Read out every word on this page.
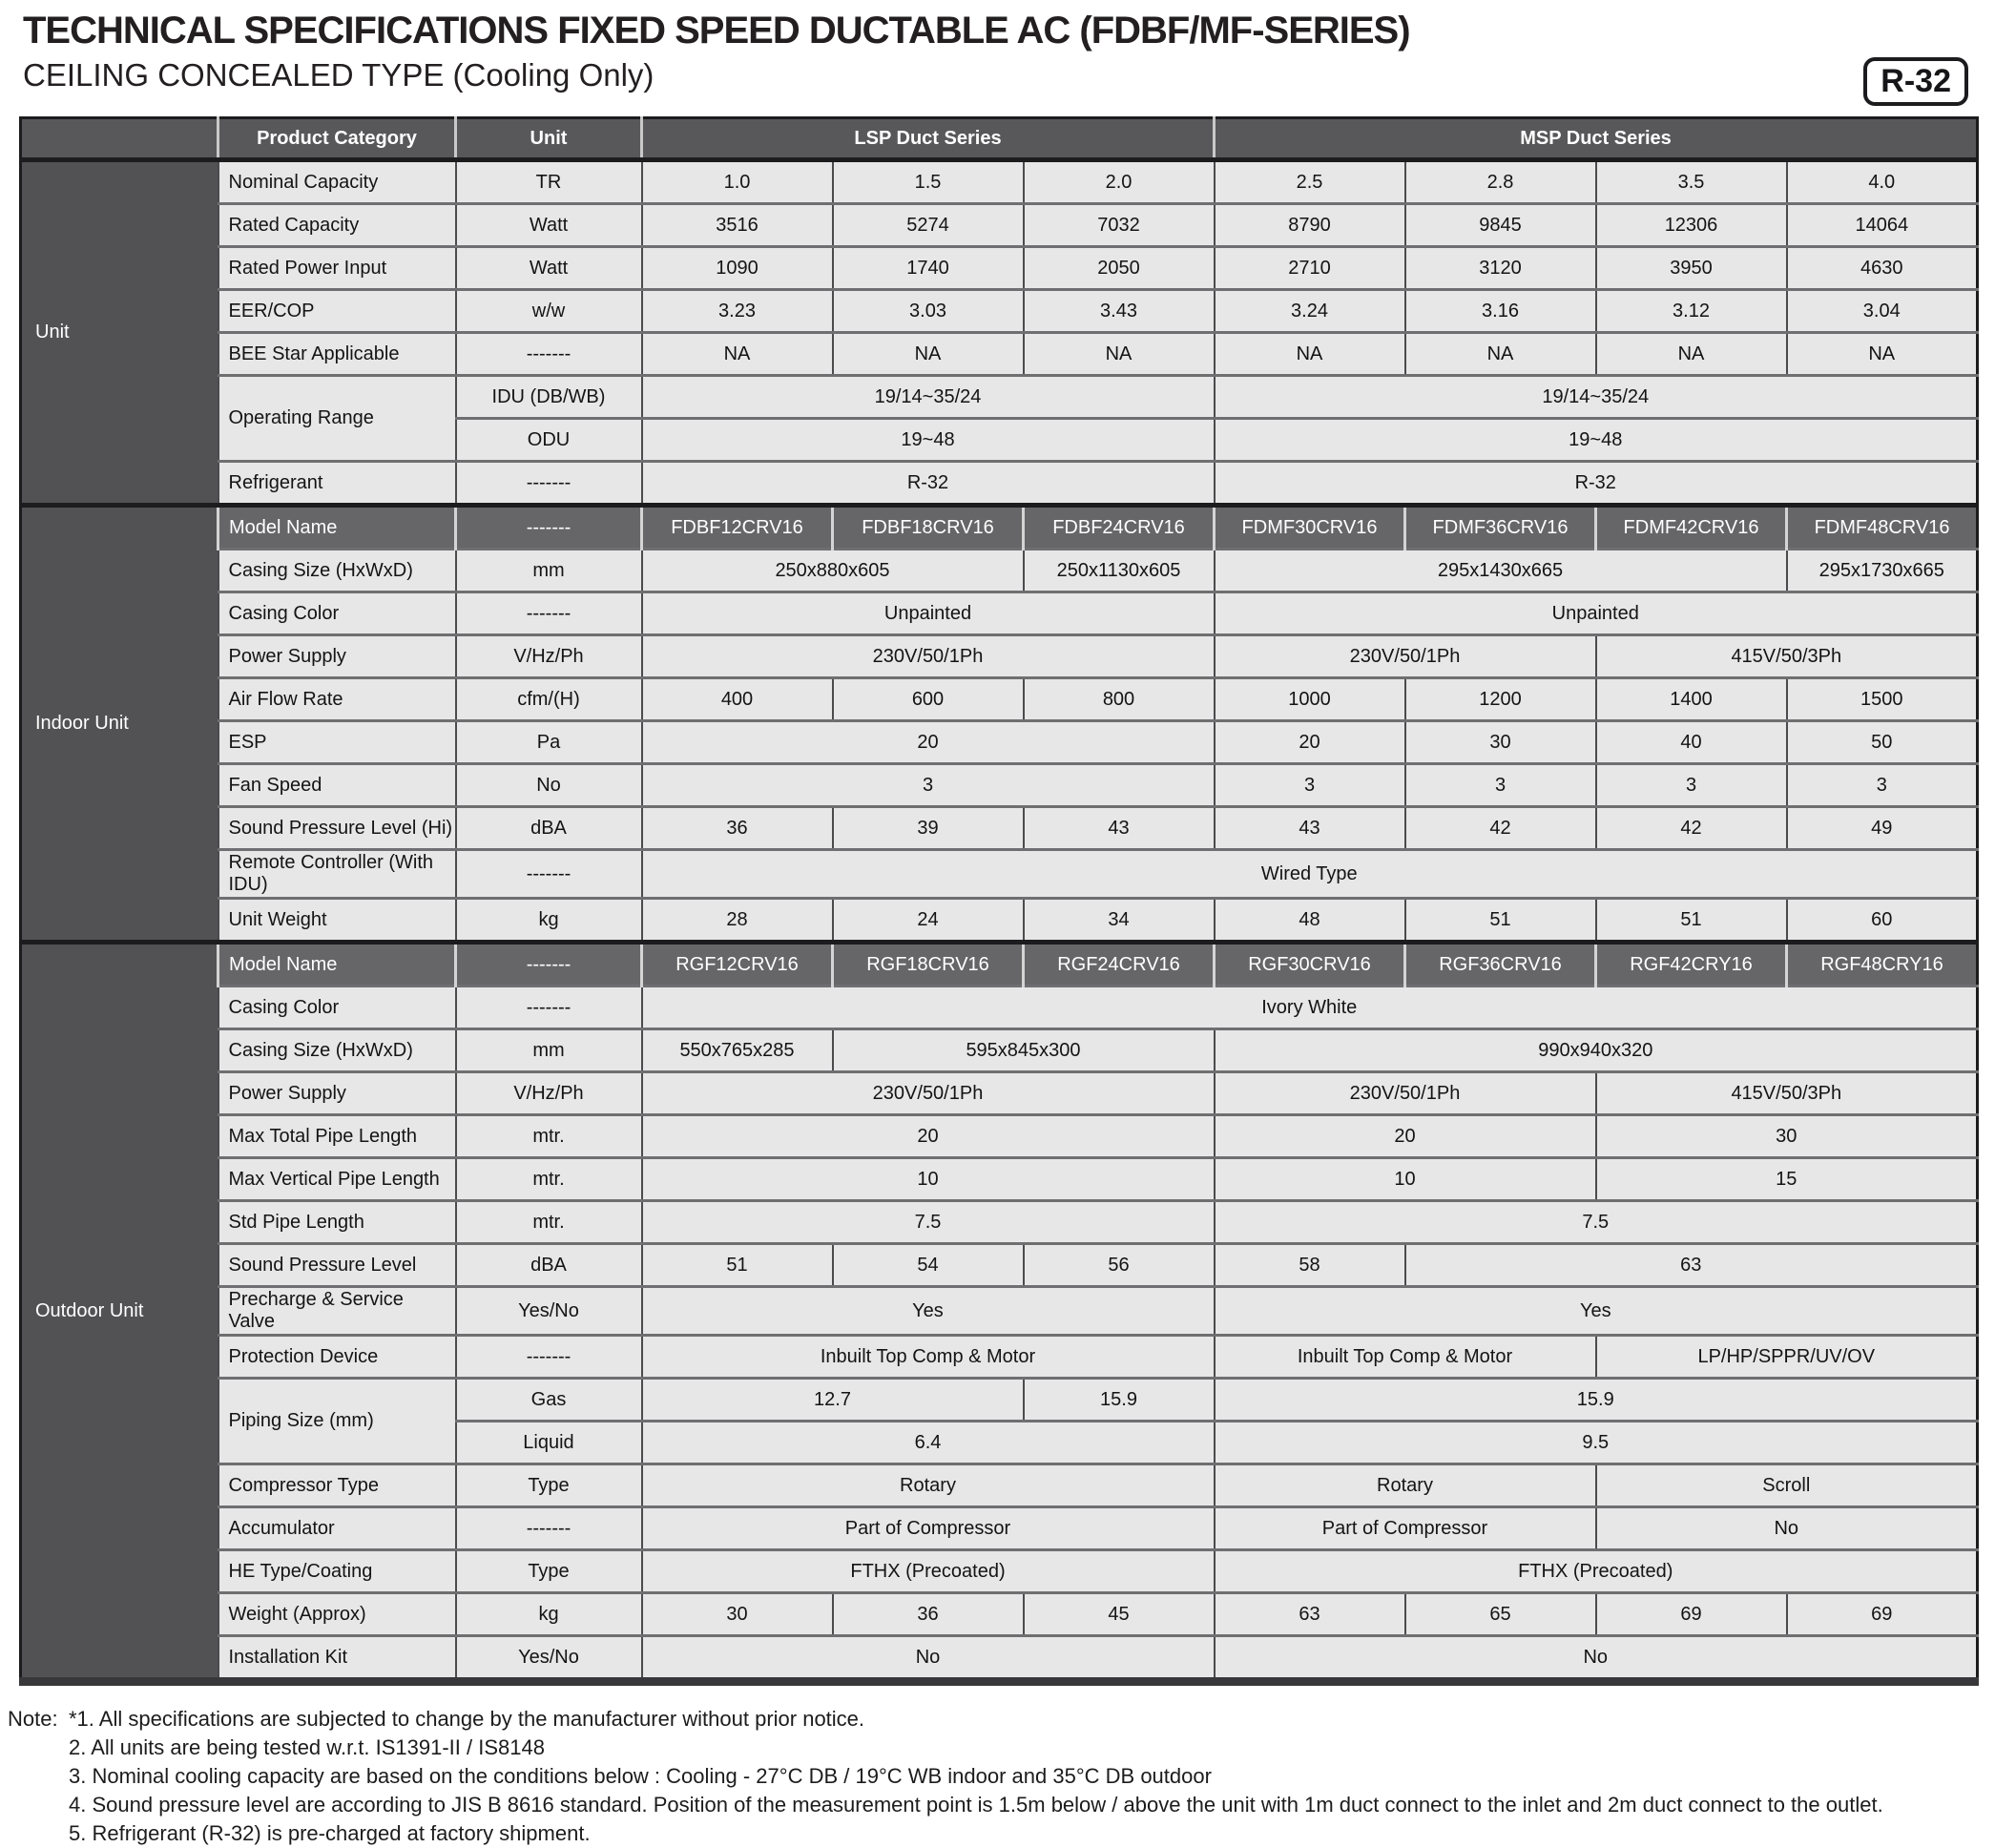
TECHNICAL SPECIFICATIONS FIXED SPEED DUCTABLE AC (FDBF/MF-SERIES)
CEILING CONCEALED TYPE (Cooling Only)	R-32
	Product Category	Unit	LSP Duct Series			MSP Duct Series			
Unit	Nominal Capacity	TR	1.0	1.5	2.0	2.5	2.8	3.5	4.0
	Rated Capacity	Watt	3516	5274	7032	8790	9845	12306	14064
	Rated Power Input	Watt	1090	1740	2050	2710	3120	3950	4630
	EER/COP	w/w	3.23	3.03	3.43	3.24	3.16	3.12	3.04
	BEE Star Applicable	-------	NA	NA	NA	NA	NA	NA	NA
	Operating Range	IDU (DB/WB)	19/14~35/24			19/14~35/24			
		ODU	19~48			19~48			
	Refrigerant	-------	R-32			R-32			
Indoor Unit	Model Name	-------	FDBF12CRV16	FDBF18CRV16	FDBF24CRV16	FDMF30CRV16	FDMF36CRV16	FDMF42CRV16	FDMF48CRV16
	Casing Size (HxWxD)	mm	250x880x605		250x1130x605	295x1430x665			295x1730x665
	Casing Color	-------	Unpainted			Unpainted			
	Power Supply	V/Hz/Ph	230V/50/1Ph			230V/50/1Ph		415V/50/3Ph	
	Air Flow Rate	cfm/(H)	400	600	800	1000	1200	1400	1500
	ESP	Pa	20			20	30	40	50
	Fan Speed	No	3			3	3	3	3
	Sound Pressure Level (Hi)	dBA	36	39	43	43	42	42	49
	Remote Controller (With IDU)	-------	Wired Type						
	Unit Weight	kg	28	24	34	48	51	51	60
Outdoor Unit	Model Name	-------	RGF12CRV16	RGF18CRV16	RGF24CRV16	RGF30CRV16	RGF36CRV16	RGF42CRY16	RGF48CRY16
	Casing Color	-------	Ivory White						
	Casing Size (HxWxD)	mm	550x765x285	595x845x300		990x940x320			
	Power Supply	V/Hz/Ph	230V/50/1Ph			230V/50/1Ph		415V/50/3Ph	
	Max Total Pipe Length	mtr.	20			20		30	
	Max Vertical Pipe Length	mtr.	10			10		15	
	Std Pipe Length	mtr.	7.5			7.5			
	Sound Pressure Level	dBA	51	54	56	58	63		
	Precharge & Service Valve	Yes/No	Yes			Yes			
	Protection Device	-------	Inbuilt Top Comp & Motor			Inbuilt Top Comp & Motor		LP/HP/SPPR/UV/OV	
	Piping Size (mm)	Gas	12.7		15.9	15.9			
		Liquid	6.4			9.5			
	Compressor Type	Type	Rotary			Rotary		Scroll	
	Accumulator	-------	Part of Compressor			Part of Compressor		No	
	HE Type/Coating	Type	FTHX (Precoated)			FTHX (Precoated)			
	Weight (Approx)	kg	30	36	45	63	65	69	69
	Installation Kit	Yes/No	No			No			
Note: *1. All specifications are subjected to change by the manufacturer without prior notice.
2. All units are being tested w.r.t. IS1391-II / IS8148
3. Nominal cooling capacity are based on the conditions below : Cooling - 27°C DB / 19°C WB indoor and 35°C DB outdoor
4. Sound pressure level are according to JIS B 8616 standard. Position of the measurement point is 1.5m below / above the unit with 1m duct connect to the inlet and 2m duct connect to the outlet.
5. Refrigerant (R-32) is pre-charged at factory shipment.
